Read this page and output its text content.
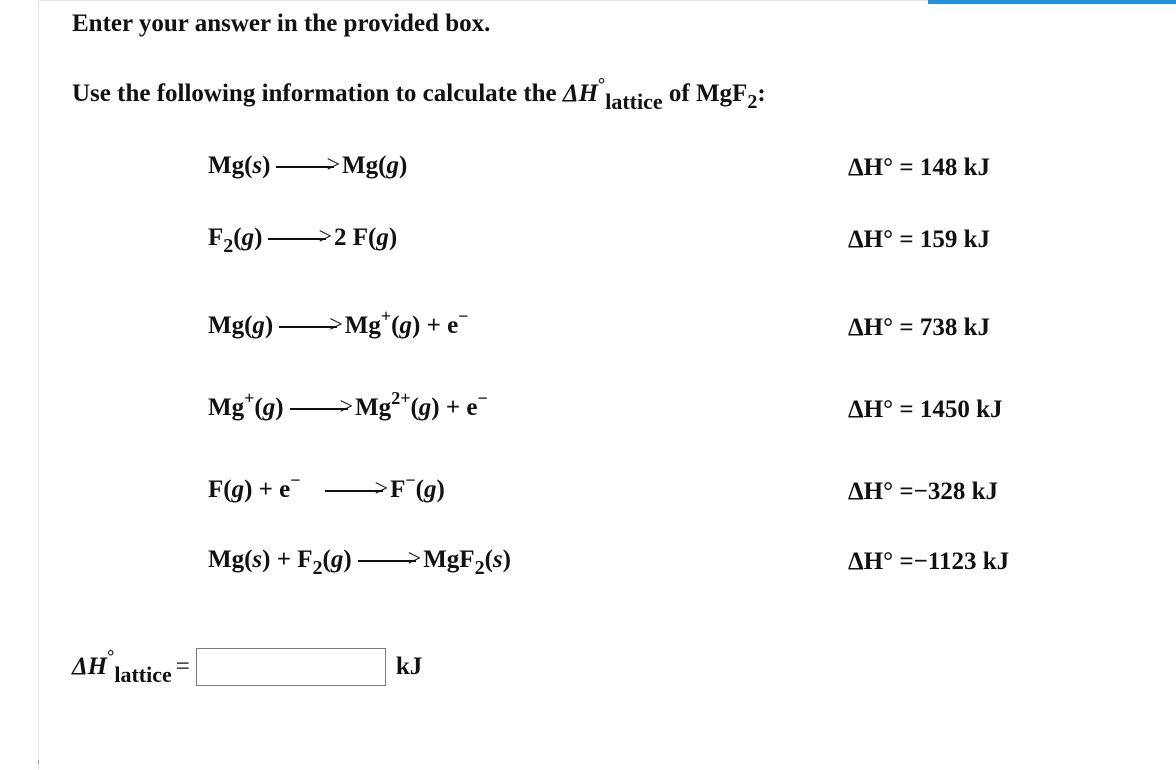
Enter your answer in the provided box.
Use the following information to calculate the ΔH°lattice of MgF$_2$:
Mg(s) > Mg(g)	ΔH° = 148 kJ
$F_2(g) > 2$ F(g)	ΔH° = 159 kJ
Mg(g) > Mg+(g) + e−	ΔH° = 738 kJ
$Mg^+(g) > Mg^{2+}(g) + e^-$	ΔH° = 1450 kJ
F(g) + e−	> F−(g)	ΔH° =−328 kJ
$Mg(s) + F_2(g) > MgF_2(s)$	ΔH° =−1123 kJ
ΔH °
lattice =	kJ
